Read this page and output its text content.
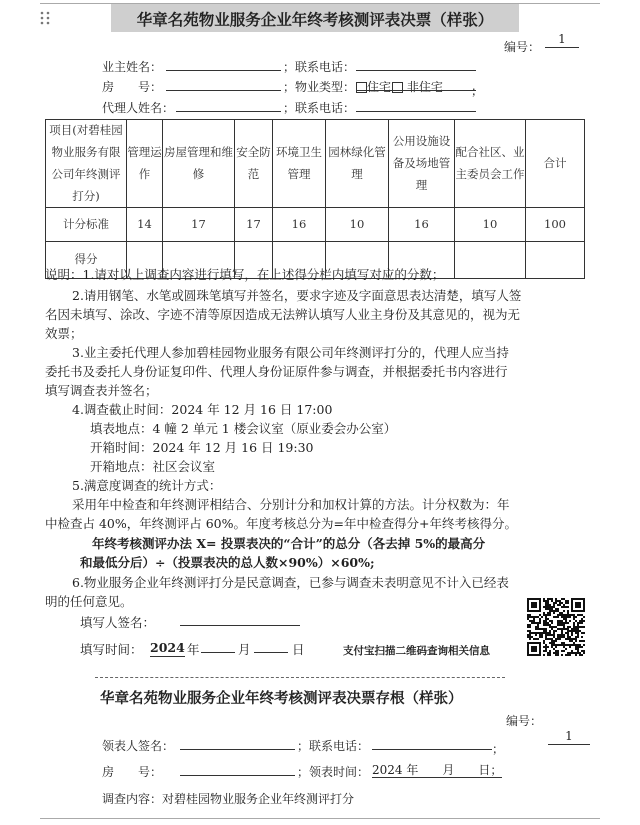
华章名苑物业服务企业年终考核测评表决票（样张）
编号：
1
业主姓名：	；联系电话：
房　　号：	；物业类型： 住宅 非住宅 ；
代理人姓名：	；联系电话：
项目(对碧桂园物业服务有限公司年终测评打分)	管理运作	房屋管理和维修	安全防范	环境卫生管理	园林绿化管理	公用设施设备及场地管理	配合社区、业主委员会工作	合计
计分标准	14	17	17	16	10	16	10	100
得分								
说明：1.请对以上调查内容进行填写，在上述得分栏内填写对应的分数；
2.请用钢笔、水笔或圆珠笔填写并签名，要求字迹及字面意思表达清楚，填写人签
名因未填写、涂改、字迹不清等原因造成无法辨认填写人业主身份及其意见的，视为无
效票；
3.业主委托代理人参加碧桂园物业服务有限公司年终测评打分的，代理人应当持
委托书及委托人身份证复印件、代理人身份证原件参与调查，并根据委托书内容进行
填写调查表并签名；
4.调查截止时间：2024 年 12 月 16 日 17:00
填表地点：4 幢 2 单元 1 楼会议室（原业委会办公室）
开箱时间：2024 年 12 月 16 日 19:30
开箱地点：社区会议室
5.满意度调查的统计方式：
采用年中检查和年终测评相结合、分别计分和加权计算的方法。计分权数为：年
中检查占 40%，年终测评占 60%。年度考核总分为=年中检查得分+年终考核得分。
年终考核测评办法 X= 投票表决的“合计”的总分（各去掉 5%的最高分
和最低分后）÷（投票表决的总人数×90%）×60%;
6.物业服务企业年终测评打分是民意调查，已参与调查未表明意见不计入已经表
明的任何意见。
填写人签名：
填写时间： 2024 年	月	日	支付宝扫描二维码查询相关信息
华章名苑物业服务企业年终考核测评表决票存根（样张）
编号：
1
领表人签名：	；联系电话：	；
房　　号：	；领表时间： 2024 年　　月　　日；
调查内容：对碧桂园物业服务企业年终测评打分
